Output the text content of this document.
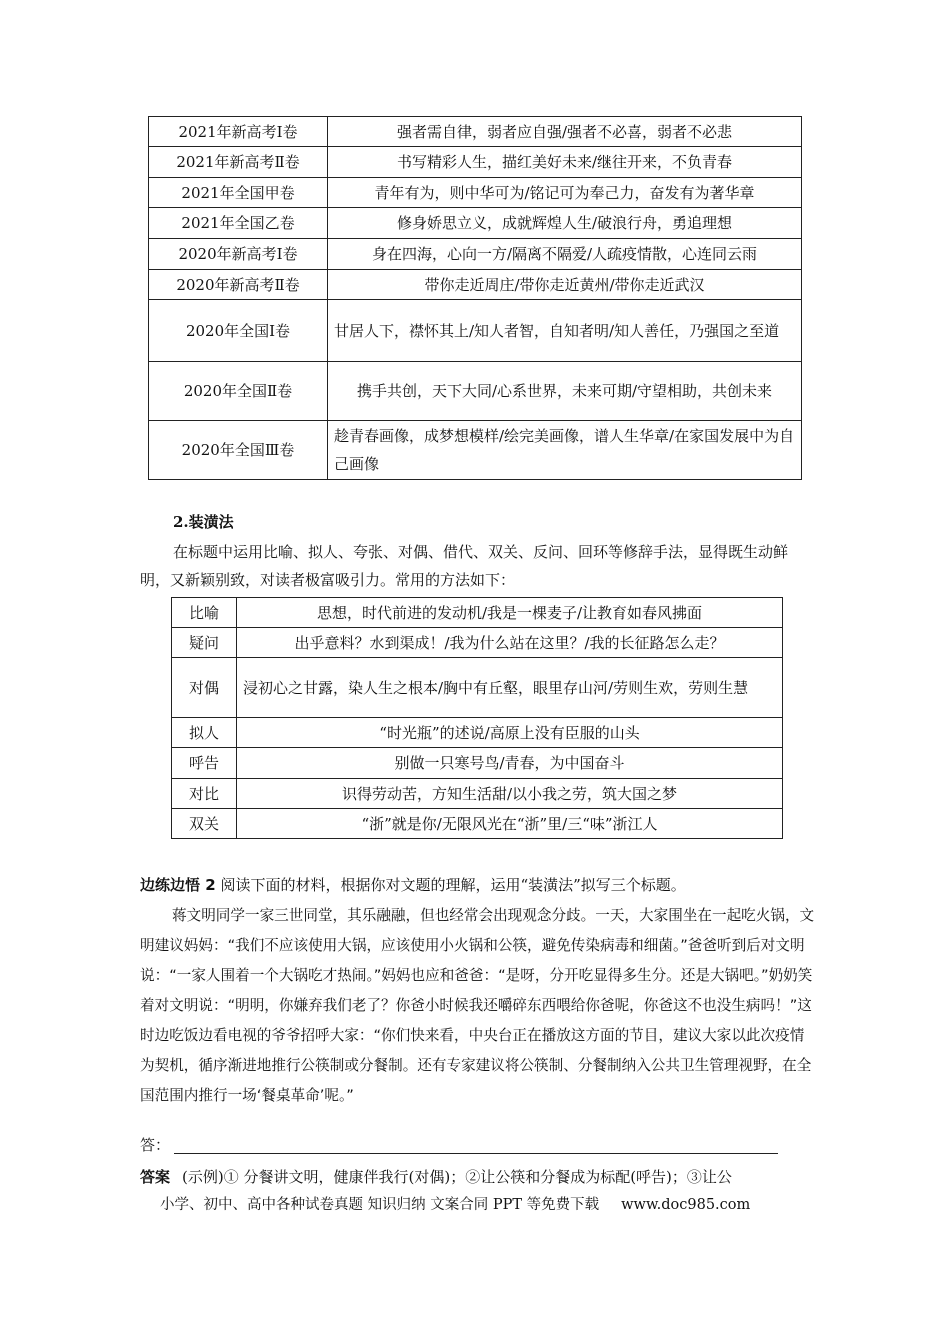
2021年新高考Ⅰ卷	强者需自律，弱者应自强/强者不必喜，弱者不必悲
2021年新高考Ⅱ卷	书写精彩人生，描红美好未来/继往开来，不负青春
2021年全国甲卷	青年有为，则中华可为/铭记可为奉己力，奋发有为著华章
2021年全国乙卷	修身娇思立义，成就辉煌人生/破浪行舟，勇追理想
2020年新高考Ⅰ卷	身在四海，心向一方/隔离不隔爱/人疏疫情散，心连同云雨
2020年新高考Ⅱ卷	带你走近周庄/带你走近黄州/带你走近武汉
2020年全国Ⅰ卷	甘居人下，襟怀其上/知人者智，自知者明/知人善任，乃强国之至道
2020年全国Ⅱ卷	携手共创，天下大同/心系世界，未来可期/守望相助，共创未来
2020年全国Ⅲ卷	趁青春画像，成梦想模样/绘完美画像，谱人生华章/在家国发展中为自己画像
2.装潢法
在标题中运用比喻、拟人、夸张、对偶、借代、双关、反问、回环等修辞手法，显得既生动鲜明，又新颖别致，对读者极富吸引力。常用的方法如下：
比喻	思想，时代前进的发动机/我是一棵麦子/让教育如春风拂面
疑问	出乎意料？水到渠成！/我为什么站在这里？/我的长征路怎么走？
对偶	浸初心之甘露，染人生之根本/胸中有丘壑，眼里存山河/劳则生欢，劳则生慧
拟人	“时光瓶”的述说/高原上没有臣服的山头
呼告	别做一只寒号鸟/青春，为中国奋斗
对比	识得劳动苦，方知生活甜/以小我之劳，筑大国之梦
双关	“浙”就是你/无限风光在“浙”里/三“味”浙江人
边练边悟 2 阅读下面的材料，根据你对文题的理解，运用“装潢法”拟写三个标题。

蒋文明同学一家三世同堂，其乐融融，但也经常会出现观念分歧。一天，大家围坐在一起吃火锅，文明建议妈妈：“我们不应该使用大锅，应该使用小火锅和公筷，避免传染病毒和细菌。”爸爸听到后对文明说：“一家人围着一个大锅吃才热闹。”妈妈也应和爸爸：“是呀，分开吃显得多生分。还是大锅吧。”奶奶笑着对文明说：“明明，你嫌弃我们老了？你爸小时候我还嚼碎东西喂给你爸呢，你爸这不也没生病吗！”这时边吃饭边看电视的爷爷招呼大家：“你们快来看，中央台正在播放这方面的节目，建议大家以此次疫情为契机，循序渐进地推行公筷制或分餐制。还有专家建议将公筷制、分餐制纳入公共卫生管理视野，在全国范围内推行一场‘餐桌革命’呢。”

答：
答案 (示例)① 分餐讲文明，健康伴我行(对偶)；②让公筷和分餐成为标配(呼告)；③让公
小学、初中、高中各种试卷真题 知识归纳 文案合同 PPT 等免费下载 www.doc985.com
